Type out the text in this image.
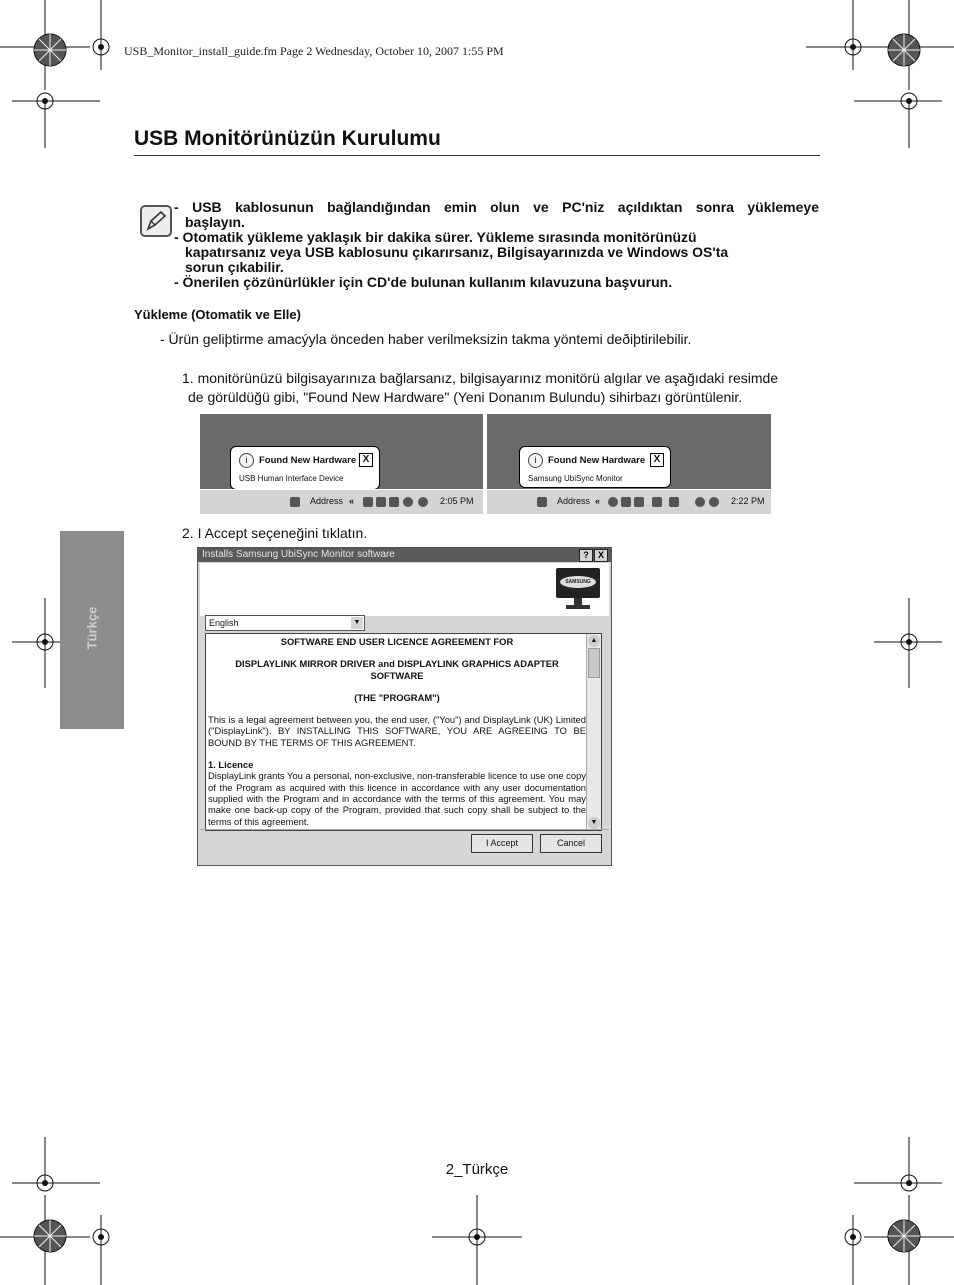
USB_Monitor_install_guide.fm Page 2 Wednesday, October 10, 2007 1:55 PM
USB Monitörünüzün Kurulumu
- USB kablosunun bağlandığından emin olun ve PC'niz açıldıktan sonra yüklemeye
başlayın.
- Otomatik yükleme yaklaşık bir dakika sürer. Yükleme sırasında monitörünüzü
kapatırsanız veya USB kablosunu çıkarırsanız, Bilgisayarınızda ve Windows OS'ta
sorun çıkabilir.
- Önerilen çözünürlükler için CD'de bulunan kullanım kılavuzuna başvurun.
Yükleme (Otomatik ve Elle)
- Ürün geliþtirme amacýyla önceden haber verilmeksizin takma yöntemi deðiþtirilebilir.
1. monitörünüzü bilgisayarınıza bağlarsanız, bilgisayarınız monitörü algılar ve aşağıdaki resimde
de görüldüğü gibi, "Found New Hardware" (Yeni Donanım Bulundu) sihirbazı görüntülenir.
i	Found New Hardware
USB Human Interface Device
X
Address «	2:05 PM
i	Found New Hardware
Samsung UbiSync Monitor
X
Address «	2:22 PM
2. I Accept seçeneğini tıklatın.
Installs Samsung UbiSync Monitor software	?	X
SAMSUNG
English	▼
SOFTWARE END USER LICENCE AGREEMENT FOR
DISPLAYLINK MIRROR DRIVER and DISPLAYLINK GRAPHICS ADAPTER SOFTWARE
(THE "PROGRAM")
This is a legal agreement between you, the end user, ("You") and DisplayLink (UK) Limited ("DisplayLink"). BY INSTALLING THIS SOFTWARE, YOU ARE AGREEING TO BE BOUND BY THE TERMS OF THIS AGREEMENT.
1. Licence
DisplayLink grants You a personal, non-exclusive, non-transferable licence to use one copy of the Program as acquired with this licence in accordance with any user documentation supplied with the Program and in accordance with the terms of this agreement. You may make one back-up copy of the Program, provided that such copy shall be subject to the terms of this agreement.
▲
▼
I Accept	Cancel
Türkçe
2_Türkçe
